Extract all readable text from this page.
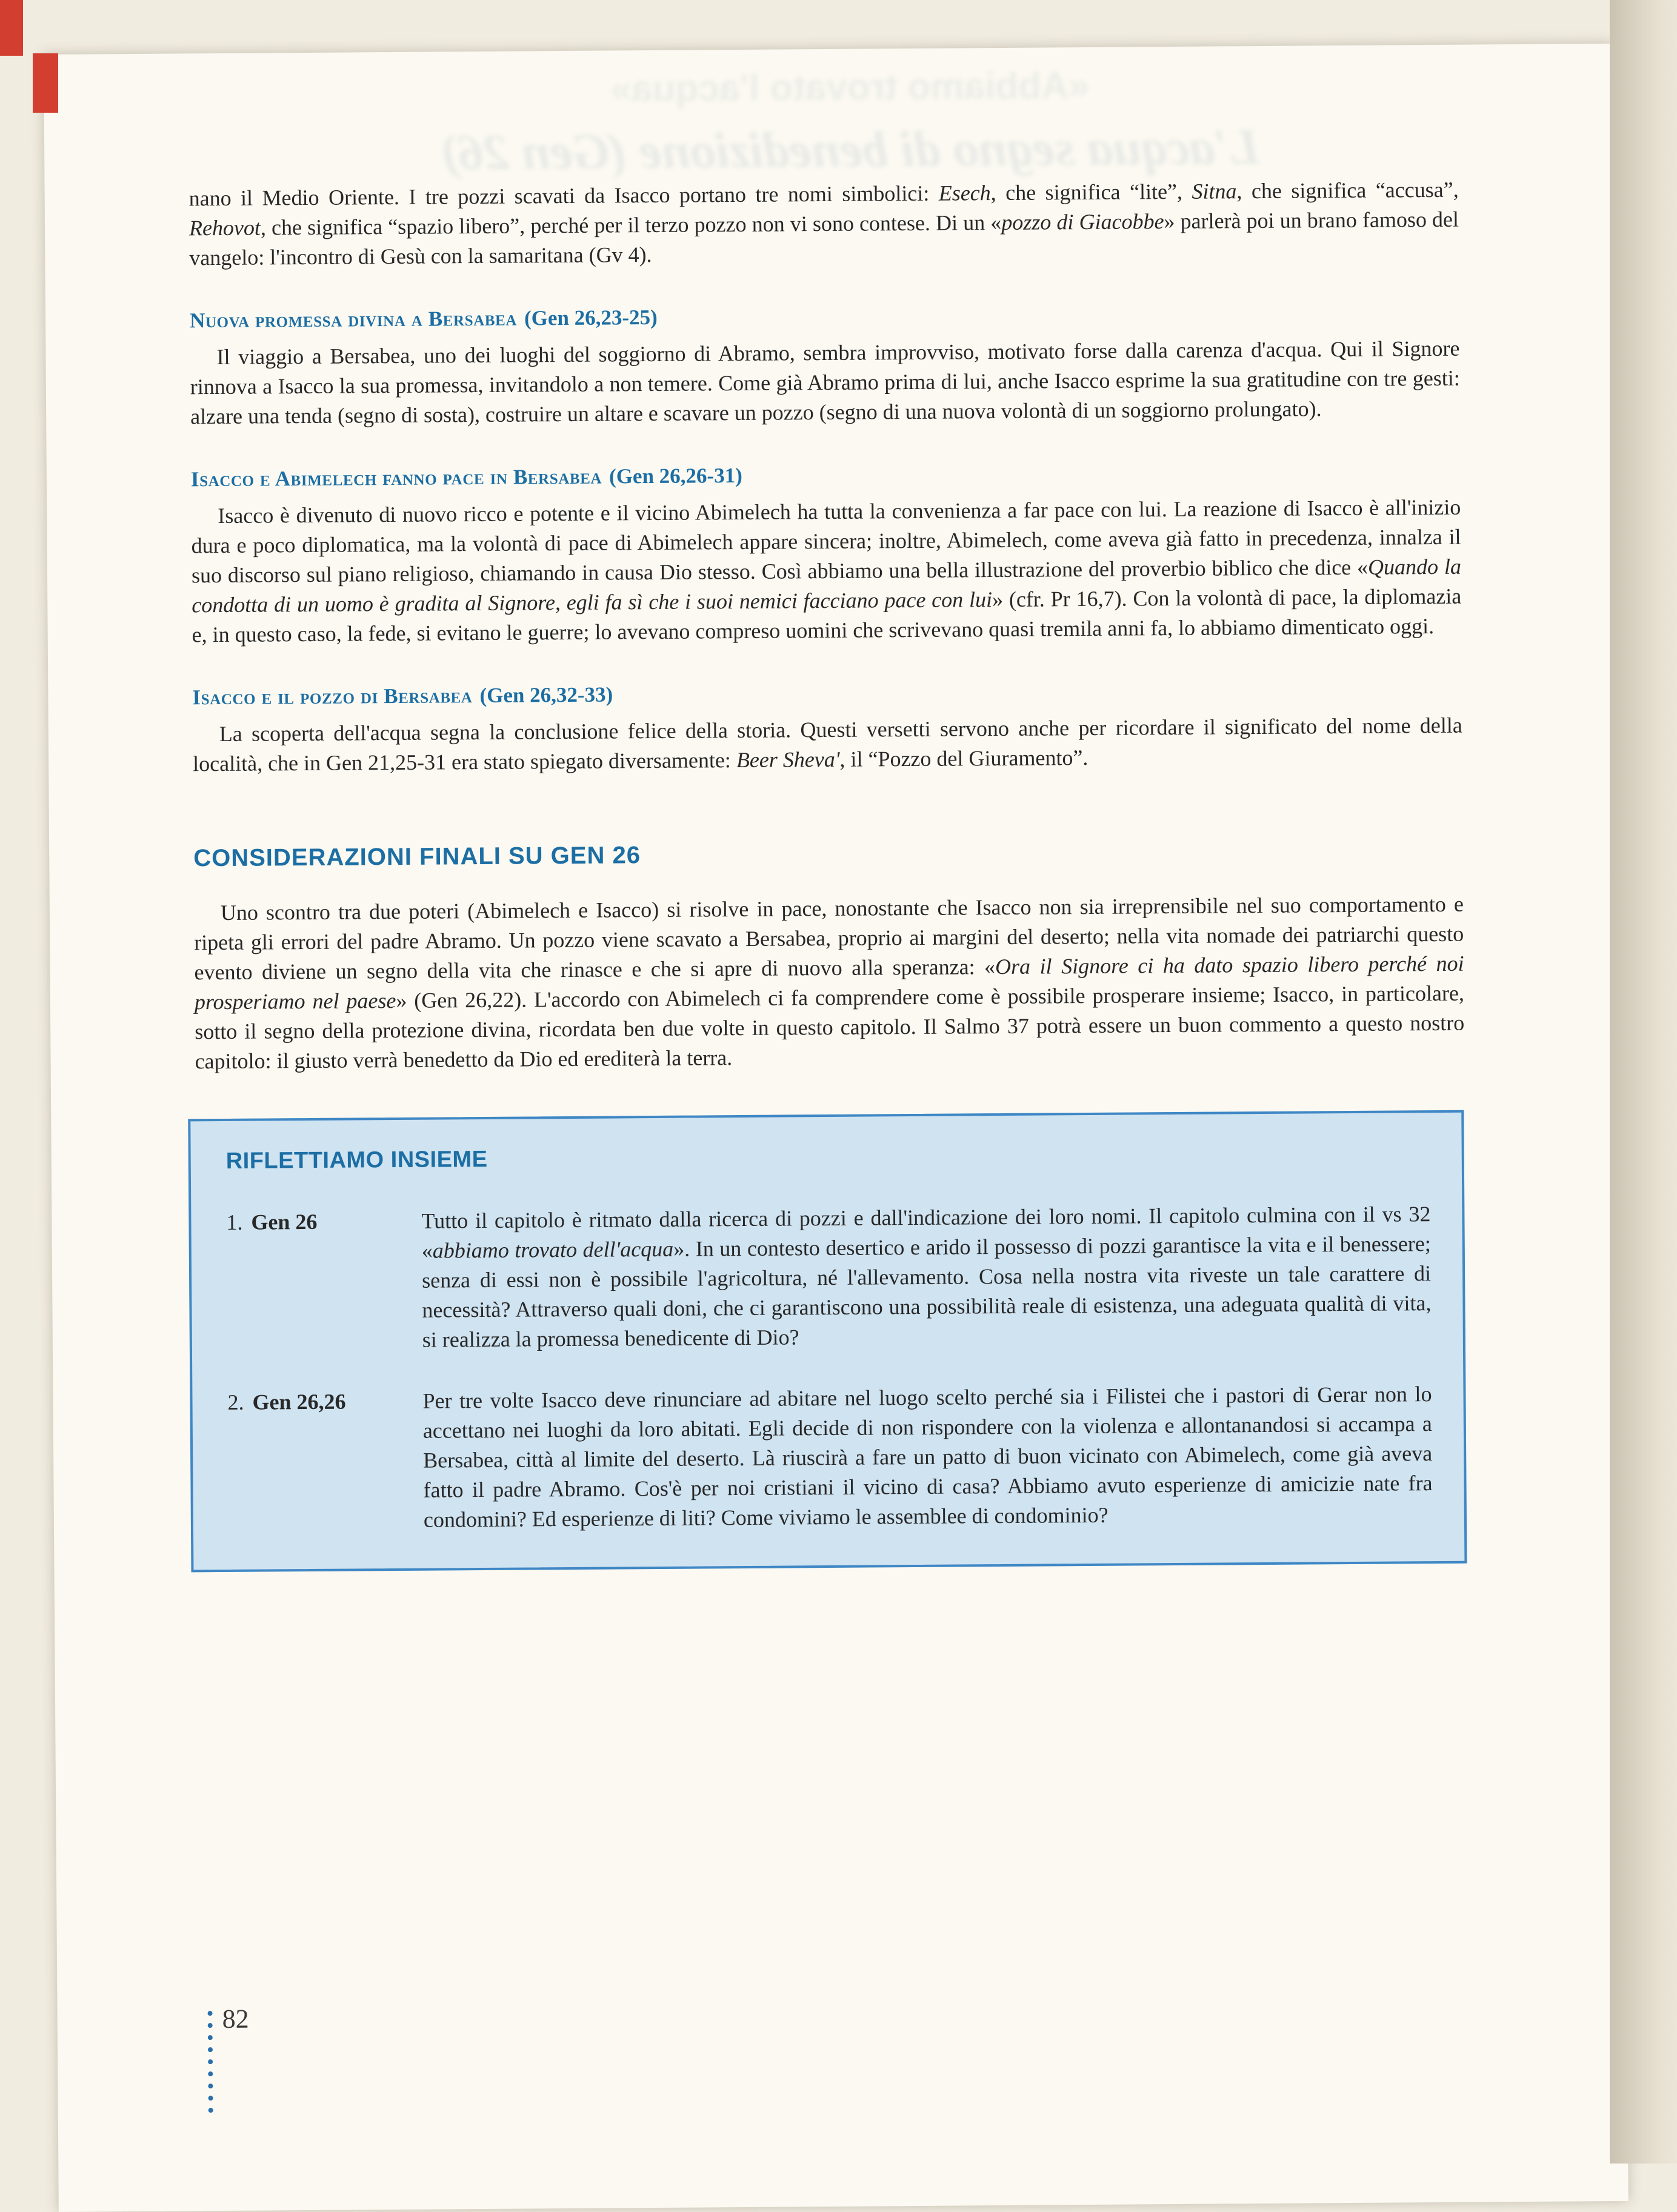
«Abbiamo trovato l'acqua»
L'acqua segno di benedizione (Gen 26)

nano il Medio Oriente. I tre pozzi scavati da Isacco portano tre nomi simbolici: Esech, che significa “lite”, Sitna, che significa “accusa”, Rehovot, che significa “spazio libero”, perché per il terzo pozzo non vi sono contese. Di un «pozzo di Giacobbe» parlerà poi un brano famoso del vangelo: l'incontro di Gesù con la samaritana (Gv 4).

Nuova promessa divina a Bersabea (Gen 26,23-25)

Il viaggio a Bersabea, uno dei luoghi del soggiorno di Abramo, sembra improvviso, motivato forse dalla carenza d'acqua. Qui il Signore rinnova a Isacco la sua promessa, invitandolo a non temere. Come già Abramo prima di lui, anche Isacco esprime la sua gratitudine con tre gesti: alzare una tenda (segno di sosta), costruire un altare e scavare un pozzo (segno di una nuova volontà di un soggiorno prolungato).

Isacco e Abimelech fanno pace in Bersabea (Gen 26,26-31)

Isacco è divenuto di nuovo ricco e potente e il vicino Abimelech ha tutta la convenienza a far pace con lui. La reazione di Isacco è all'inizio dura e poco diplomatica, ma la volontà di pace di Abimelech appare sincera; inoltre, Abimelech, come aveva già fatto in precedenza, innalza il suo discorso sul piano religioso, chiamando in causa Dio stesso. Così abbiamo una bella illustrazione del proverbio biblico che dice «Quando la condotta di un uomo è gradita al Signore, egli fa sì che i suoi nemici facciano pace con lui» (cfr. Pr 16,7). Con la volontà di pace, la diplomazia e, in questo caso, la fede, si evitano le guerre; lo avevano compreso uomini che scrivevano quasi tremila anni fa, lo abbiamo dimenticato oggi.

Isacco e il pozzo di Bersabea (Gen 26,32-33)

La scoperta dell'acqua segna la conclusione felice della storia. Questi versetti servono anche per ricordare il significato del nome della località, che in Gen 21,25-31 era stato spiegato diversamente: Beer Sheva', il “Pozzo del Giuramento”.

CONSIDERAZIONI FINALI SU GEN 26

Uno scontro tra due poteri (Abimelech e Isacco) si risolve in pace, nonostante che Isacco non sia irreprensibile nel suo comportamento e ripeta gli errori del padre Abramo. Un pozzo viene scavato a Bersabea, proprio ai margini del deserto; nella vita nomade dei patriarchi questo evento diviene un segno della vita che rinasce e che si apre di nuovo alla speranza: «Ora il Signore ci ha dato spazio libero perché noi prosperiamo nel paese» (Gen 26,22). L'accordo con Abimelech ci fa comprendere come è possibile prosperare insieme; Isacco, in particolare, sotto il segno della protezione divina, ricordata ben due volte in questo capitolo. Il Salmo 37 potrà essere un buon commento a questo nostro capitolo: il giusto verrà benedetto da Dio ed erediterà la terra.

RIFLETTIAMO INSIEME
1. Gen 26	Tutto il capitolo è ritmato dalla ricerca di pozzi e dall'indicazione dei loro nomi. Il capitolo culmina con il vs 32 «abbiamo trovato dell'acqua». In un contesto desertico e arido il possesso di pozzi garantisce la vita e il benessere; senza di essi non è possibile l'agricoltura, né l'allevamento. Cosa nella nostra vita riveste un tale carattere di necessità? Attraverso quali doni, che ci garantiscono una possibilità reale di esistenza, una adeguata qualità di vita, si realizza la promessa benedicente di Dio?
2. Gen 26,26	Per tre volte Isacco deve rinunciare ad abitare nel luogo scelto perché sia i Filistei che i pastori di Gerar non lo accettano nei luoghi da loro abitati. Egli decide di non rispondere con la violenza e allontanandosi si accampa a Bersabea, città al limite del deserto. Là riuscirà a fare un patto di buon vicinato con Abimelech, come già aveva fatto il padre Abramo. Cos'è per noi cristiani il vicino di casa? Abbiamo avuto esperienze di amicizie nate fra condomini? Ed esperienze di liti? Come viviamo le assemblee di condominio?
82
